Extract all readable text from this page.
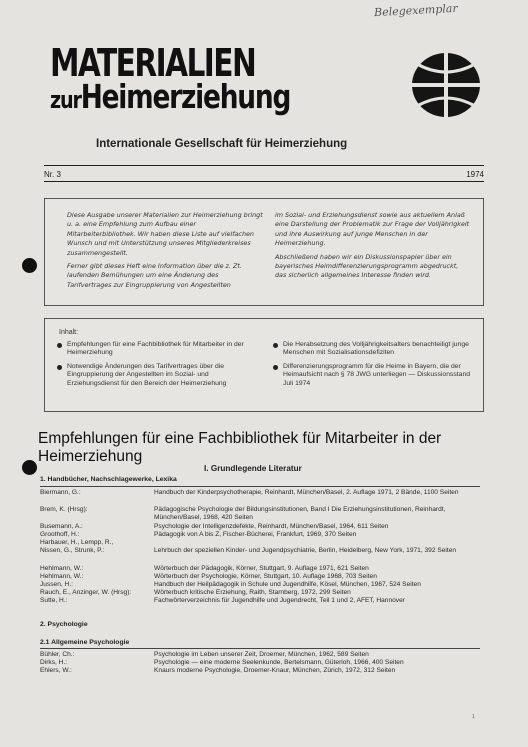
Belegexemplar
MATERIALIEN
zurHeimerziehung
Internationale Gesellschaft für Heimerziehung
Nr. 3	1974

Diese Ausgabe unserer Materialien zur Heimerziehung bringt u. a. eine Empfehlung zum Aufbau einer Mitarbeiterbibliothek. Wir haben diese Liste auf vielfachen Wunsch und mit Unterstützung unseres Mitgliederkreises zusammengestellt.

Ferner gibt dieses Heft eine Information über die z. Zt. laufenden Bemühungen um eine Änderung des Tarifvertrages zur Eingruppierung von Angestellten

im Sozial- und Erziehungsdienst sowie aus aktuellem Anlaß eine Darstellung der Problematik zur Frage der Volljährigkeit und ihre Auswirkung auf junge Menschen in der Heimerziehung.

Abschließend haben wir ein Diskussionspapier über ein bayerisches Heimdifferenzierungsprogramm abgedruckt, das sicherlich allgemeines Interesse finden wird.

Inhalt:
Empfehlungen für eine Fachbibliothek für Mitarbeiter in der Heimerziehung
Notwendige Änderungen des Tarifvertrages über die Eingruppierung der Angestellten im Sozial- und Erziehungsdienst für den Bereich der Heimerziehung
Die Herabsetzung des Volljährigkeitsalters benachteiligt junge Menschen mit Sozialisationsdefiziten
Differenzierungsprogramm für die Heime in Bayern, die der Heimaufsicht nach § 78 JWG unterliegen — Diskussionsstand Juli 1974
Empfehlungen für eine Fachbibliothek für Mitarbeiter in der Heimerziehung
I. Grundlegende Literatur
1. Handbücher, Nachschlagewerke, Lexika
Biermann, G.:	Handbuch der Kinderpsychotherapie, Reinhardt, München/Basel, 2. Auflage 1971, 2 Bände, 1100 Seiten
Brem, K. (Hrsg):	Pädagogische Psychologie der Bildungsinstitutionen, Band I Die Erziehungsinstitutionen, Reinhardt, München/Basel, 1968, 420 Seiten
Busemann, A.:	Psychologie der Intelligenzdefekte, Reinhardt, München/Basel, 1964, 611 Seiten
Groothoff, H.:	Pädagogik von A bis Z, Fischer-Bücherei, Frankfurt, 1969, 370 Seiten
Harbauer, H., Lempp, R.,
Nissen, G., Strunk, P.:	Lehrbuch der speziellen Kinder- und Jugendpsychiatrie, Berlin, Heidelberg, New York, 1971, 392 Seiten
Hehlmann, W.:	Wörterbuch der Pädagogik, Körner, Stuttgart, 9. Auflage 1971, 621 Seiten
Hehlmann, W.:	Wörterbuch der Psychologie, Körner, Stuttgart, 10. Auflage 1968, 703 Seiten
Jussen, H.:	Handbuch der Heilpädagogik in Schule und Jugendhilfe, Kösel, München, 1967, 524 Seiten
Rauch, E., Anzinger, W. (Hrsg):	Wörterbuch kritische Erziehung, Raith, Starnberg, 1972, 299 Seiten
Sutte, H.:	Fachwörterverzeichnis für Jugendhilfe und Jugendrecht, Teil 1 und 2, AFET, Hannover
2. Psychologie
2.1 Allgemeine Psychologie
Bühler, Ch.:	Psychologie im Leben unserer Zeit, Droemer, München, 1962, 589 Seiten
Dirks, H.:	Psychologie — eine moderne Seelenkunde, Bertelsmann, Güterloh, 1966, 400 Seiten
Ehlers, W.:	Knaurs moderne Psychologie, Droemer-Knaur, München, Zürich, 1972, 312 Seiten
1
